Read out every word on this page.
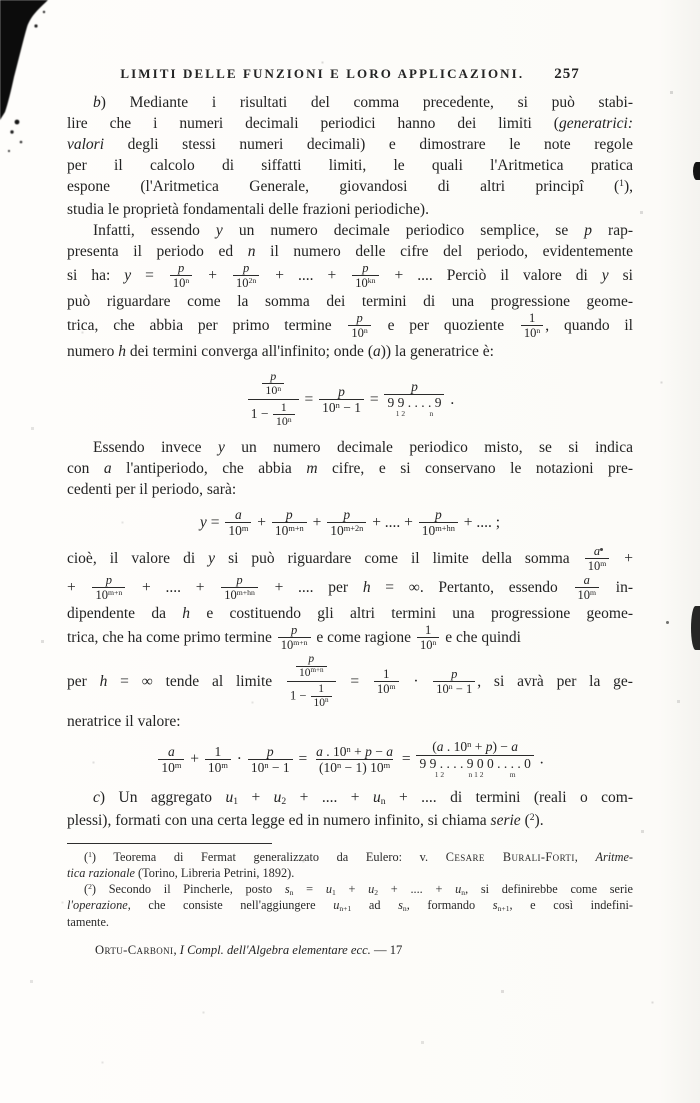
LIMITI DELLE FUNZIONI E LORO APPLICAZIONI. 257
b) Mediante i risultati del comma precedente, si può stabi-
lire che i numeri decimali periodici hanno dei limiti (generatrici:
valori degli stessi numeri decimali) e dimostrare le note regole
per il calcolo di siffatti limiti, le quali l'Aritmetica pratica
espone (l'Aritmetica Generale, giovandosi di altri principî ($^1$),
studia le proprietà fondamentali delle frazioni periodiche).
Infatti, essendo y un numero decimale periodico semplice, se p rap-
presenta il periodo ed n il numero delle cifre del periodo, evidentemente
si ha: $y = \frac{p}{10^n} + \frac{p}{10^{2n}}$ + .... + $\frac{p}{10^{kn}}$ + .... Perciò il valore di y si
può riguardare come la somma dei termini di una progressione geome-
trica, che abbia per primo termine $\frac{p}{10^n}$ e per quoziente $\frac{1}{10^n}$ , quando il
numero h dei termini converga all'infinito; onde (a)) la generatrice è:
$\frac{\frac{p}{10^n}}{1 - \frac{1}{10^n}} = \frac{p}{10^n - 1} = p$
9 9 . . . . 9
1 2             n .
Essendo invece y un numero decimale periodico misto, se si indica
con a l'antiperiodo, che abbia m cifre, e si conservano le notazioni pre-
cedenti per il periodo, sarà:
$y = \frac{a}{10^m} + \frac{p}{10^{m+n}} + \frac{p}{10^{m+2n}}$ + .... + $\frac{p}{10^{m+hn}}$ + .... ;
cioè, il valore di y si può riguardare come il limite della somma $\frac{a}{10^m}$ +
+ $\frac{p}{10^{m+n}}$ + .... + $\frac{p}{10^{m+hn}}$ + .... per h = ∞. Pertanto, essendo $\frac{a}{10^m} in-$
dipendente da h e costituendo gli altri termini una progressione geome-
trica, che ha come primo termine $\frac{p}{10^{m+n}}$ e come ragione $\frac{1}{10^n}$ e che quindi
per h = ∞ tende al limite $\frac{\frac{p}{10^{m+n}}}{1 - \frac{1}{10^n}} = \frac{1}{10^m} \cdot \frac{p}{10^n - 1}$ , si avrà per la ge-
neratrice il valore:
$\frac{a}{10^m} + \frac{1}{10^m} \cdot \frac{p}{10^n - 1} = \frac{a . 10^n + p - a}{(10^n - 1) 10^m}$ =
(a . $10^n + p) - a$
9 9 . . . . 9 0 0 . . . . 0
1 2             n 1 2              m
.
c) Un aggregato u1 + u2 + .... + un + .... di termini (reali o com-
plessi), formati con una certa legge ed in numero infinito, si chiama serie ($^2$).
($^1$) Teorema di Fermat generalizzato da Eulero: v. Cesare Burali-Forti, Aritme-
tica razionale (Torino, Libreria Petrini, 1892).
($^2$) Secondo il Pincherle, posto sn = u1 + u2 + .... + un, si definirebbe come serie
l'operazione, che consiste nell'aggiungere un+1 ad sn, formando sn+1, e così indefini-
tamente.
Ortu-Carboni, I Compl. dell'Algebra elementare ecc. — 17
